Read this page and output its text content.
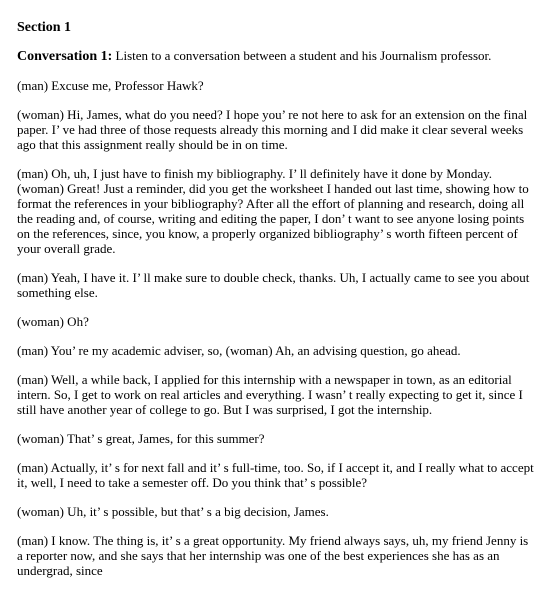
Section 1

Conversation 1: Listen to a conversation between a student and his Journalism professor.

(man) Excuse me, Professor Hawk?

(woman) Hi, James, what do you need? I hope you’ re not here to ask for an extension on the final paper. I’ ve had three of those requests already this morning and I did make it clear several weeks ago that this assignment really should be in on time.

(man) Oh, uh, I just have to finish my bibliography. I’ ll definitely have it done by Monday. (woman) Great! Just a reminder, did you get the worksheet I handed out last time, showing how to format the references in your bibliography? After all the effort of planning and research, doing all the reading and, of course, writing and editing the paper, I don’ t want to see anyone losing points on the references, since, you know, a properly organized bibliography’ s worth fifteen percent of your overall grade.

(man) Yeah, I have it. I’ ll make sure to double check, thanks. Uh, I actually came to see you about something else.

(woman) Oh?

(man) You’ re my academic adviser, so, (woman) Ah, an advising question, go ahead.

(man) Well, a while back, I applied for this internship with a newspaper in town, as an editorial intern. So, I get to work on real articles and everything. I wasn’ t really expecting to get it, since I still have another year of college to go. But I was surprised, I got the internship.

(woman) That’ s great, James, for this summer?

(man) Actually, it’ s for next fall and it’ s full-time, too. So, if I accept it, and I really what to accept it, well, I need to take a semester off. Do you think that’ s possible?

(woman) Uh, it’ s possible, but that’ s a big decision, James.

(man) I know. The thing is, it’ s a great opportunity. My friend always says, uh, my friend Jenny is a reporter now, and she says that her internship was one of the best experiences she has as an undergrad, since
